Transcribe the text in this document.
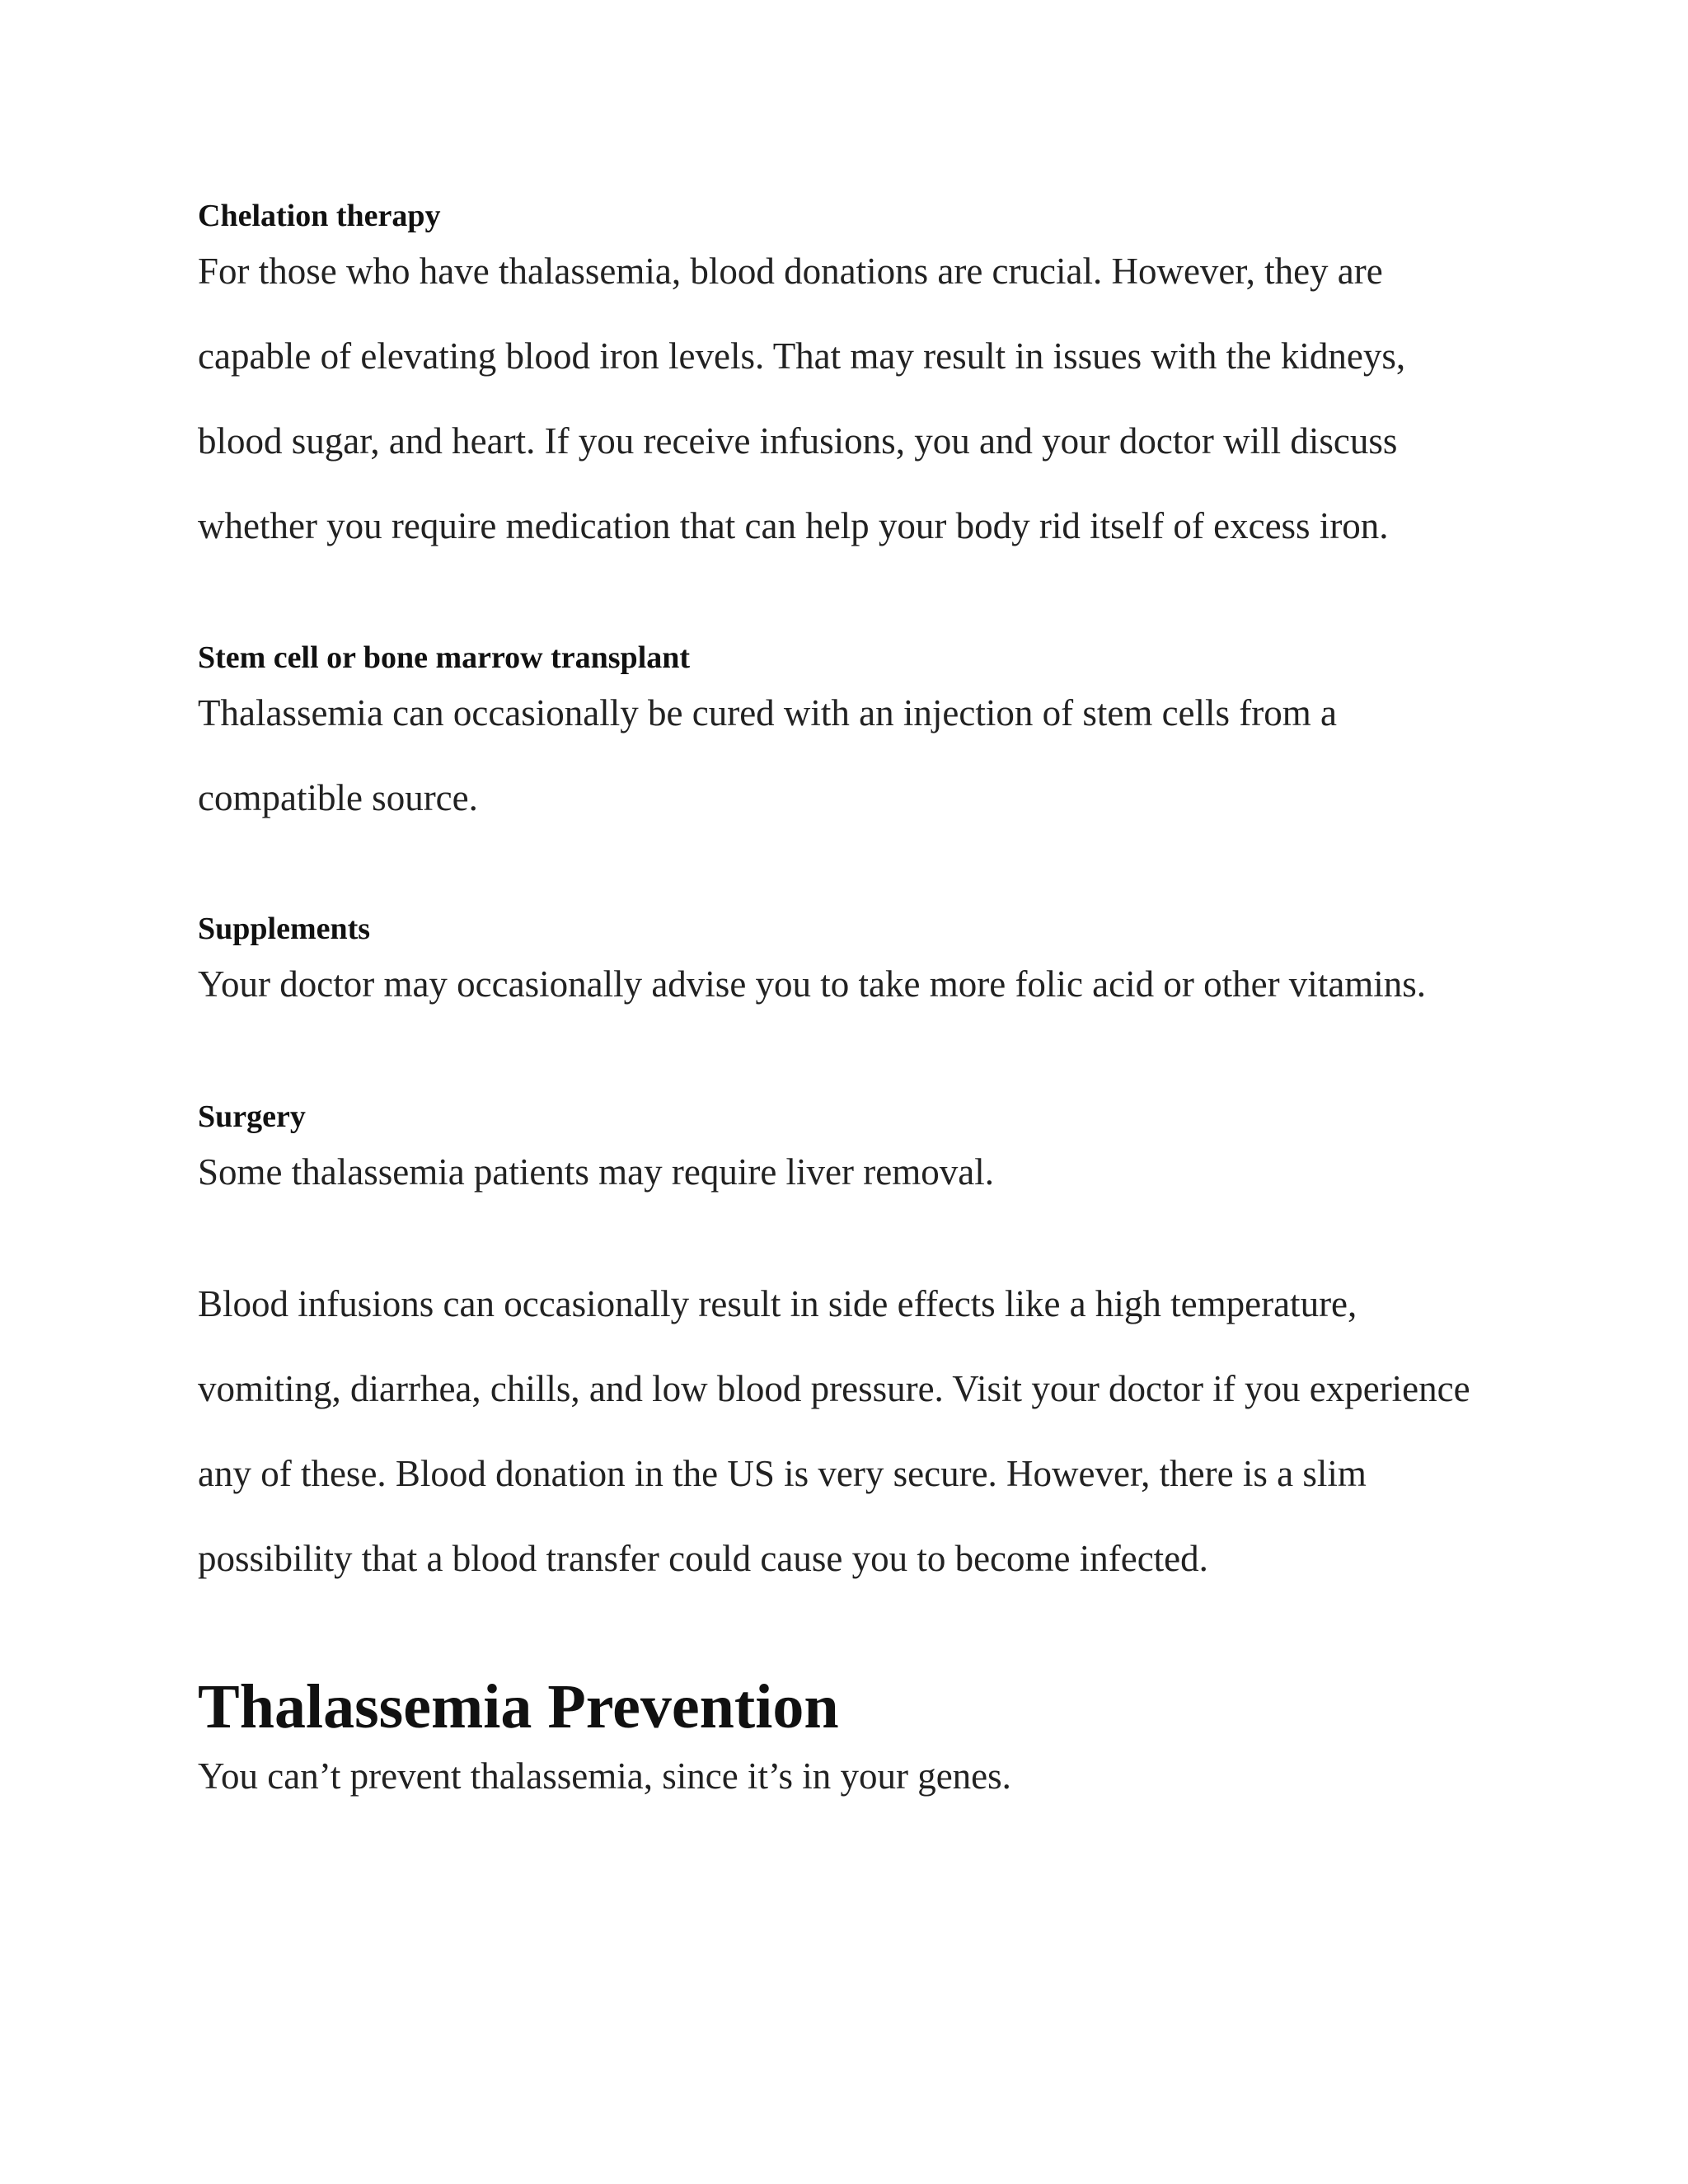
Chelation therapy
For those who have thalassemia, blood donations are crucial. However, they are
capable of elevating blood iron levels. That may result in issues with the kidneys,
blood sugar, and heart. If you receive infusions, you and your doctor will discuss
whether you require medication that can help your body rid itself of excess iron.
Stem cell or bone marrow transplant
Thalassemia can occasionally be cured with an injection of stem cells from a
compatible source.
Supplements
Your doctor may occasionally advise you to take more folic acid or other vitamins.
Surgery
Some thalassemia patients may require liver removal.
Blood infusions can occasionally result in side effects like a high temperature,
vomiting, diarrhea, chills, and low blood pressure. Visit your doctor if you experience
any of these. Blood donation in the US is very secure. However, there is a slim
possibility that a blood transfer could cause you to become infected.
Thalassemia Prevention
You can’t prevent thalassemia, since it’s in your genes.
